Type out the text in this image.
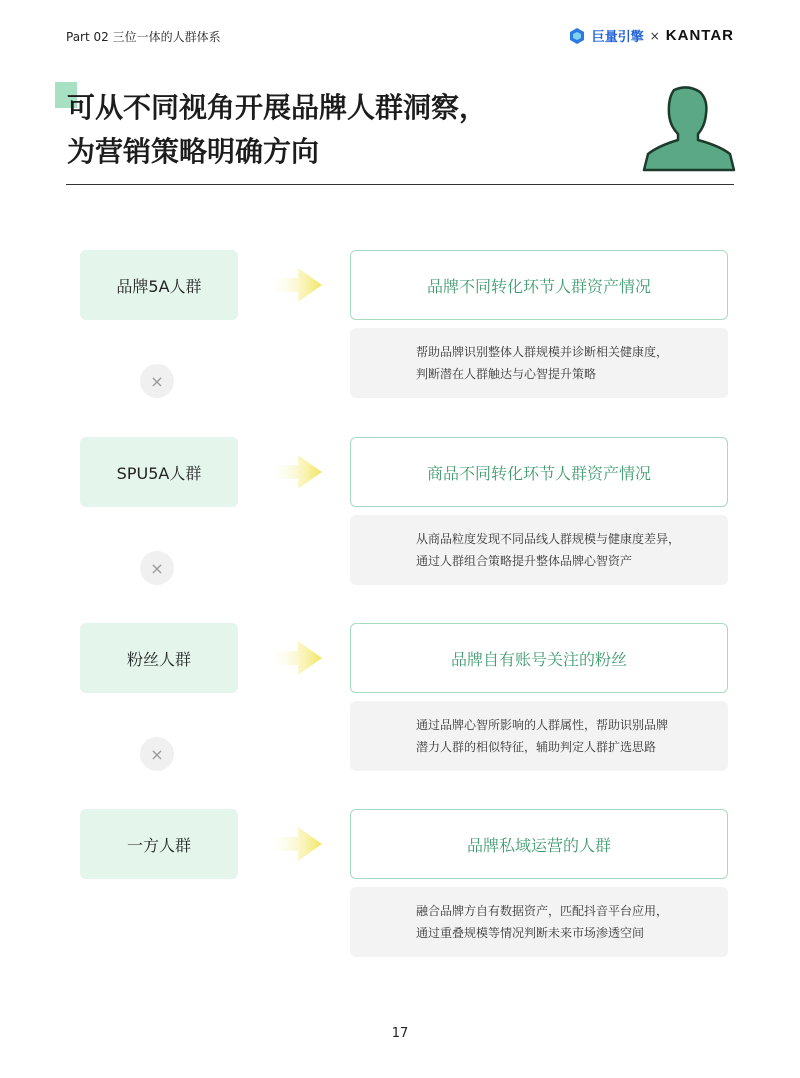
Part 02 三位一体的人群体系	巨量引擎 × KANTAR
可从不同视角开展品牌人群洞察，
为营销策略明确方向
品牌5A人群	品牌不同转化环节人群资产情况
帮助品牌识别整体人群规模并诊断相关健康度，
判断潜在人群触达与心智提升策略
×
SPU5A人群	商品不同转化环节人群资产情况
从商品粒度发现不同品线人群规模与健康度差异，
通过人群组合策略提升整体品牌心智资产
×
粉丝人群	品牌自有账号关注的粉丝
通过品牌心智所影响的人群属性，帮助识别品牌
潜力人群的相似特征，辅助判定人群扩选思路
×
一方人群	品牌私域运营的人群
融合品牌方自有数据资产，匹配抖音平台应用，
通过重叠规模等情况判断未来市场渗透空间
17
